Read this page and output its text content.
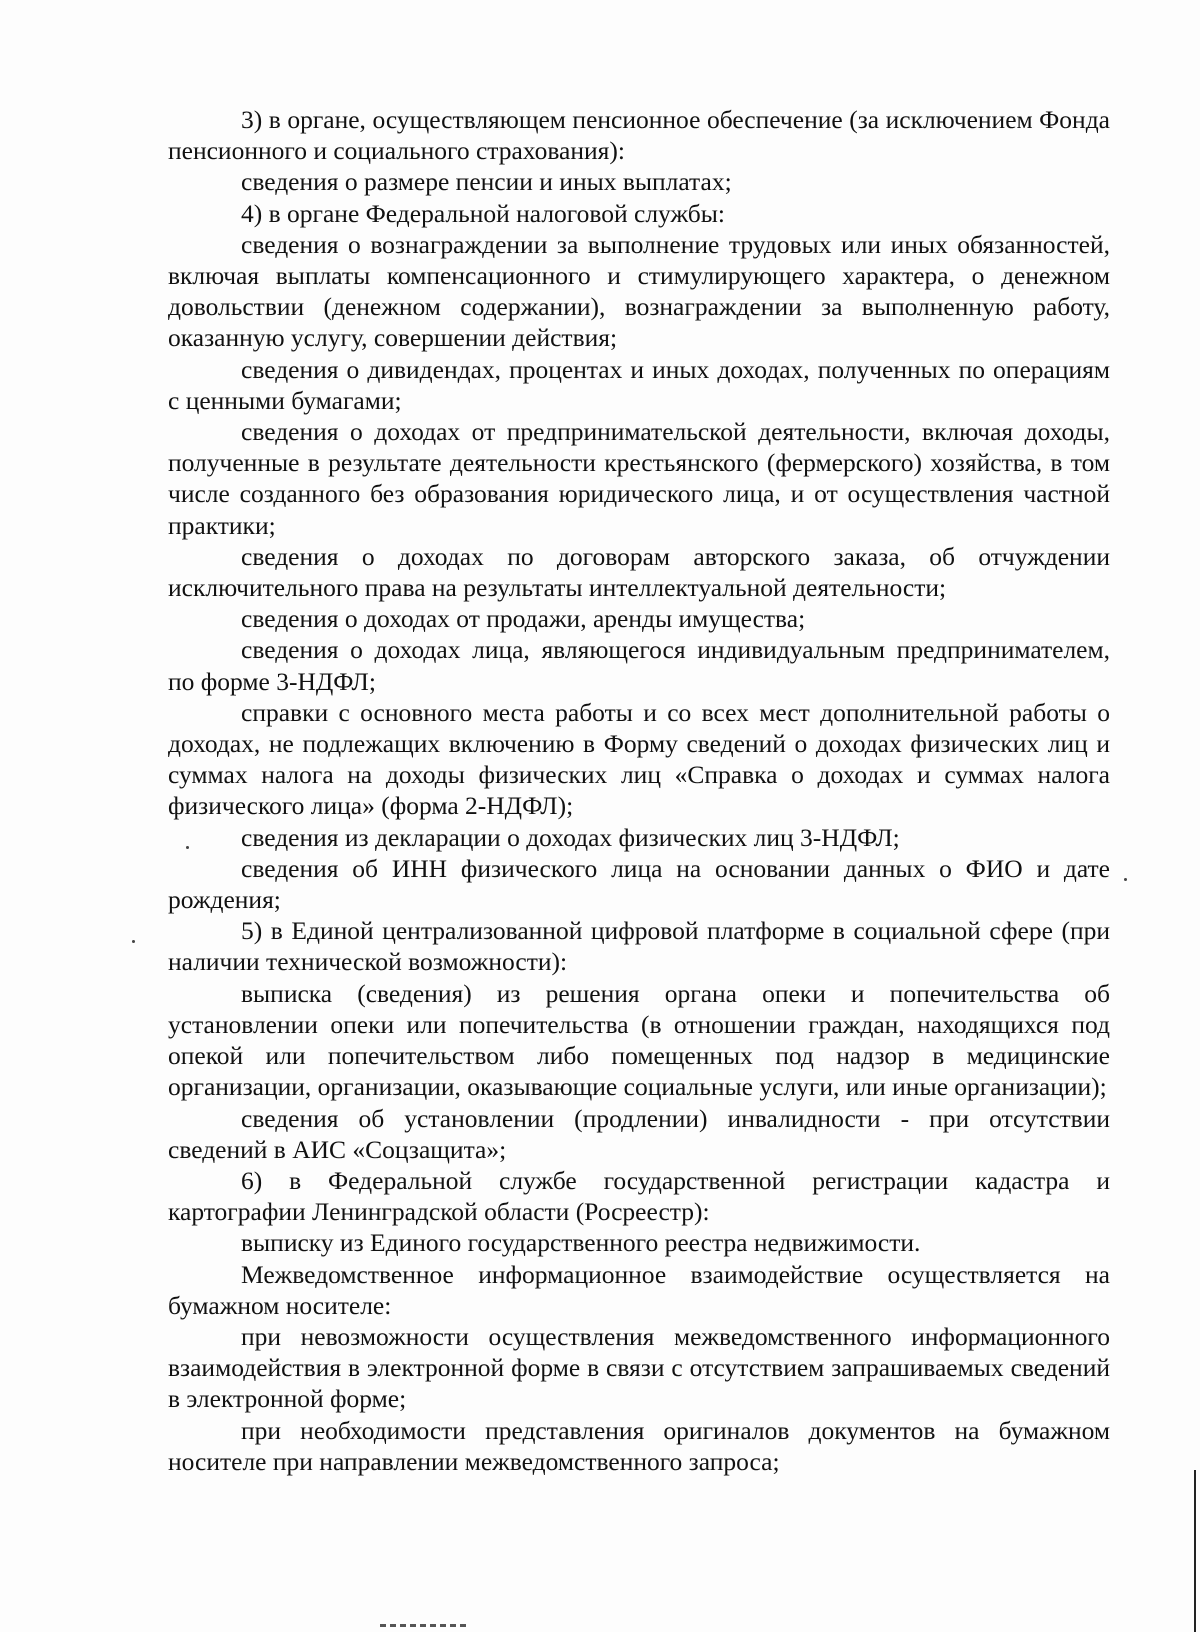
3) в органе, осуществляющем пенсионное обеспечение (за исключением Фонда пенсионного и социального страхования):

сведения о размере пенсии и иных выплатах;

4) в органе Федеральной налоговой службы:

сведения о вознаграждении за выполнение трудовых или иных обязанностей, включая выплаты компенсационного и стимулирующего характера, о денежном довольствии (денежном содержании), вознаграждении за выполненную работу, оказанную услугу, совершении действия;

сведения о дивидендах, процентах и иных доходах, полученных по операциям с ценными бумагами;

сведения о доходах от предпринимательской деятельности, включая доходы, полученные в результате деятельности крестьянского (фермерского) хозяйства, в том числе созданного без образования юридического лица, и от осуществления частной практики;

сведения о доходах по договорам авторского заказа, об отчуждении исключительного права на результаты интеллектуальной деятельности;

сведения о доходах от продажи, аренды имущества;

сведения о доходах лица, являющегося индивидуальным предпринимателем, по форме 3-НДФЛ;

справки с основного места работы и со всех мест дополнительной работы о доходах, не подлежащих включению в Форму сведений о доходах физических лиц и суммах налога на доходы физических лиц «Справка о доходах и суммах налога физического лица» (форма 2-НДФЛ);

сведения из декларации о доходах физических лиц 3-НДФЛ;

сведения об ИНН физического лица на основании данных о ФИО и дате рождения;

5) в Единой централизованной цифровой платформе в социальной сфере (при наличии технической возможности):

выписка (сведения) из решения органа опеки и попечительства об установлении опеки или попечительства (в отношении граждан, находящихся под опекой или попечительством либо помещенных под надзор в медицинские организации, организации, оказывающие социальные услуги, или иные организации);

сведения об установлении (продлении) инвалидности - при отсутствии сведений в АИС «Соцзащита»;

6) в Федеральной службе государственной регистрации кадастра и картографии Ленинградской области (Росреестр):

выписку из Единого государственного реестра недвижимости.

Межведомственное информационное взаимодействие осуществляется на бумажном носителе:

при невозможности осуществления межведомственного информационного взаимодействия в электронной форме в связи с отсутствием запрашиваемых сведений в электронной форме;

при необходимости представления оригиналов документов на бумажном носителе при направлении межведомственного запроса;
